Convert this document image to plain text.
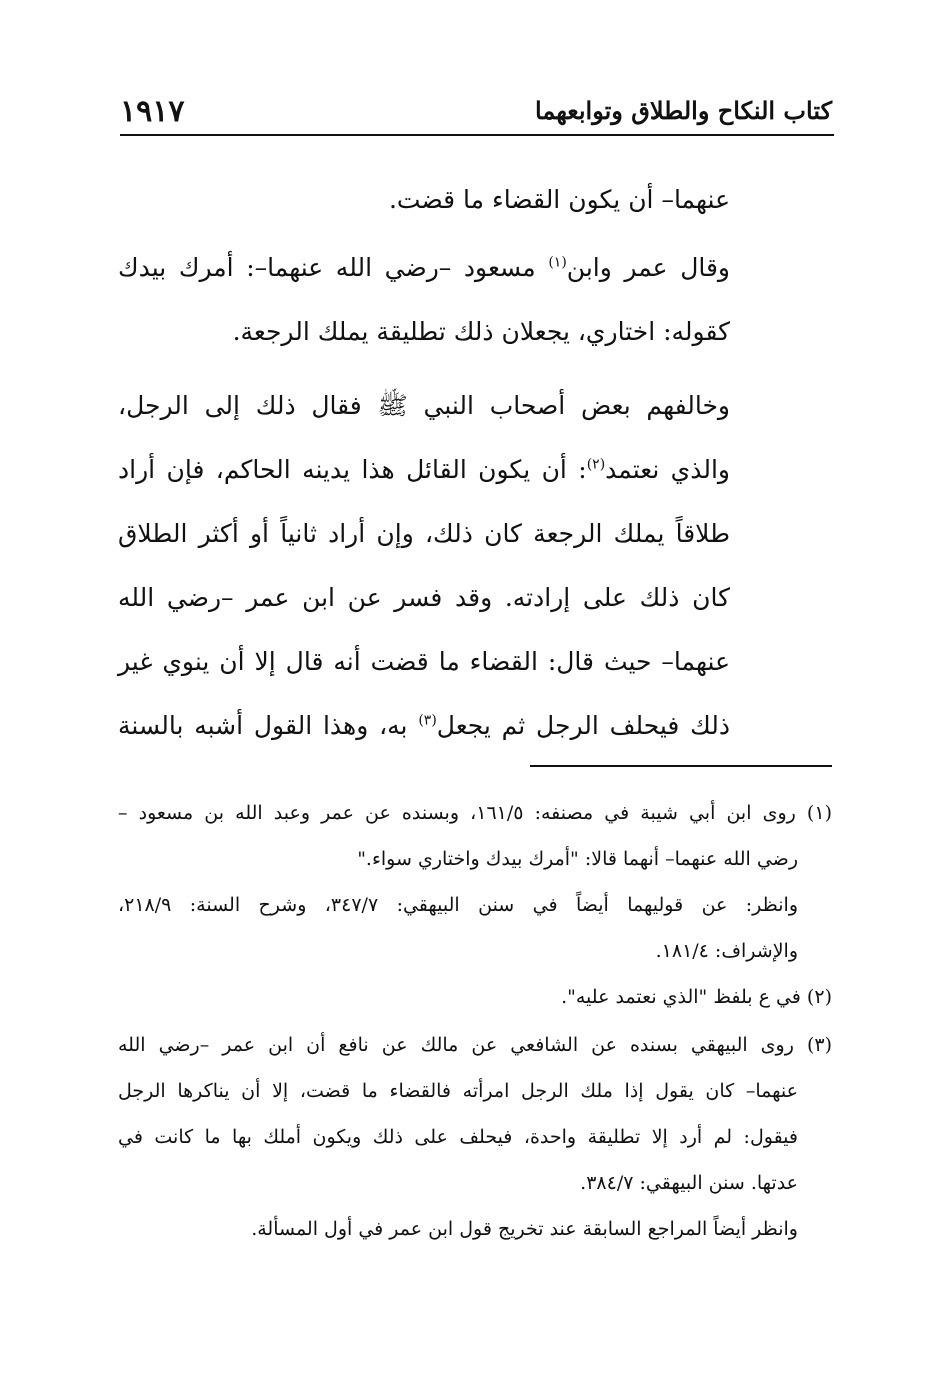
١٩١٧	كتاب النكاح والطلاق وتوابعهما
عنهما– أن يكون القضاء ما قضت.
وقال عمر وابن$^{(١)}$ مسعود –رضي الله عنهما–: أمرك بيدك
كقوله: اختاري، يجعلان ذلك تطليقة يملك الرجعة.
وخالفهم بعض أصحاب النبي ﷺ فقال ذلك إلى الرجل،
والذي نعتمد$^{(٢)}$: أن يكون القائل هذا يدينه الحاكم، فإن أراد
طلاقاً يملك الرجعة كان ذلك، وإن أراد ثانياً أو أكثر الطلاق
كان ذلك على إرادته. وقد فسر عن ابن عمر –رضي الله
عنهما– حيث قال: القضاء ما قضت أنه قال إلا أن ينوي غير
ذلك فيحلف الرجل ثم يجعل$^{(٣)}$ به، وهذا القول أشبه بالسنة
(١) روى ابن أبي شيبة في مصنفه: ١٦١/٥، وبسنده عن عمر وعبد الله بن مسعود –
رضي الله عنهما– أنهما قالا: "أمرك بيدك واختاري سواء."
وانظر: عن قوليهما أيضاً في سنن البيهقي: ٣٤٧/٧، وشرح السنة: ٢١٨/٩،
والإشراف: ١٨١/٤.
(٢) في ع بلفظ "الذي نعتمد عليه".
(٣) روى البيهقي بسنده عن الشافعي عن مالك عن نافع أن ابن عمر –رضي الله
عنهما– كان يقول إذا ملك الرجل امرأته فالقضاء ما قضت، إلا أن يناكرها الرجل
فيقول: لم أرد إلا تطليقة واحدة، فيحلف على ذلك ويكون أملك بها ما كانت في
عدتها. سنن البيهقي: ٣٨٤/٧.
وانظر أيضاً المراجع السابقة عند تخريج قول ابن عمر في أول المسألة.
